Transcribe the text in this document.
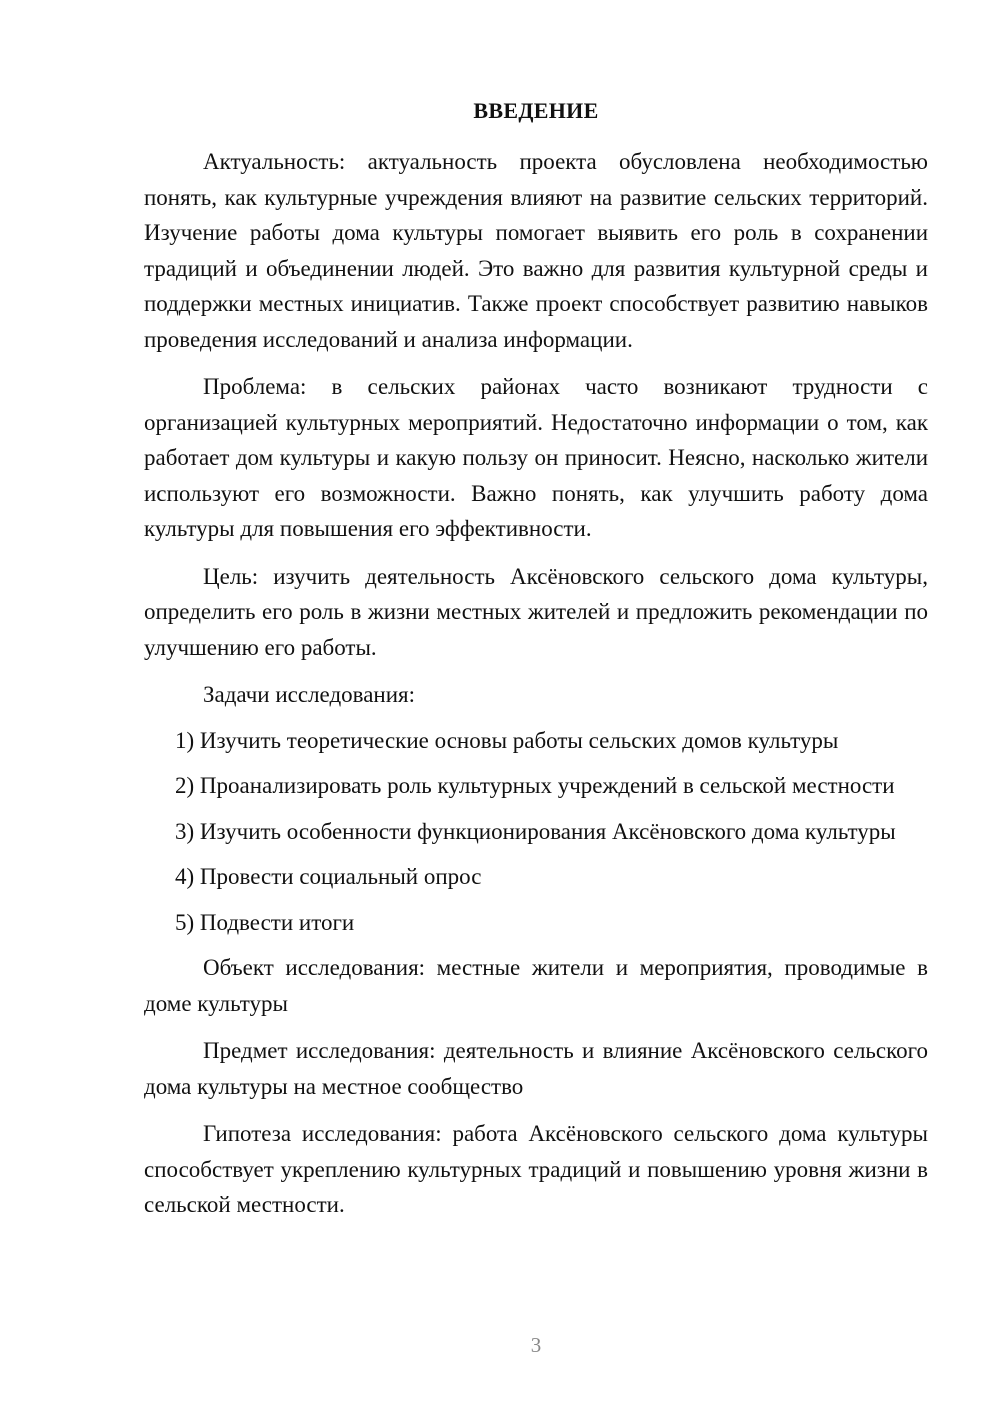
ВВЕДЕНИЕ

Актуальность: актуальность проекта обусловлена необходимостью понять, как культурные учреждения влияют на развитие сельских территорий. Изучение работы дома культуры помогает выявить его роль в сохранении традиций и объединении людей. Это важно для развития культурной среды и поддержки местных инициатив. Также проект способствует развитию навыков проведения исследований и анализа информации.

Проблема: в сельских районах часто возникают трудности с организацией культурных мероприятий. Недостаточно информации о том, как работает дом культуры и какую пользу он приносит. Неясно, насколько жители используют его возможности. Важно понять, как улучшить работу дома культуры для повышения его эффективности.

Цель: изучить деятельность Аксёновского сельского дома культуры, определить его роль в жизни местных жителей и предложить рекомендации по улучшению его работы.

Задачи исследования:

1) Изучить теоретические основы работы сельских домов культуры

2) Проанализировать роль культурных учреждений в сельской местности

3) Изучить особенности функционирования Аксёновского дома культуры

4) Провести социальный опрос

5) Подвести итоги

Объект исследования: местные жители и мероприятия, проводимые в доме культуры

Предмет исследования: деятельность и влияние Аксёновского сельского дома культуры на местное сообщество

Гипотеза исследования: работа Аксёновского сельского дома культуры способствует укреплению культурных традиций и повышению уровня жизни в сельской местности.

3
